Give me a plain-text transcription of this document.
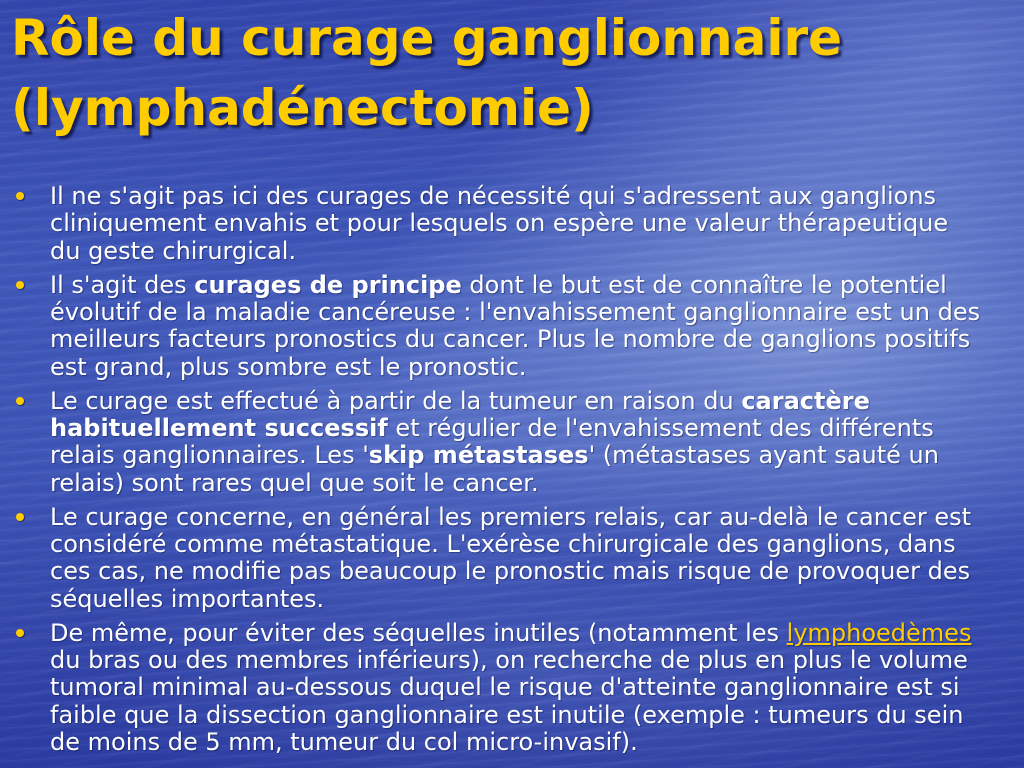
Rôle du curage ganglionnaire
(lymphadénectomie)
Il ne s'agit pas ici des curages de nécessité qui s'adressent aux ganglions
cliniquement envahis et pour lesquels on espère une valeur thérapeutique
du geste chirurgical.
Il s'agit des curages de principe dont le but est de connaître le potentiel
évolutif de la maladie cancéreuse : l'envahissement ganglionnaire est un des
meilleurs facteurs pronostics du cancer. Plus le nombre de ganglions positifs
est grand, plus sombre est le pronostic.
Le curage est effectué à partir de la tumeur en raison du caractère
habituellement successif et régulier de l'envahissement des différents
relais ganglionnaires. Les 'skip métastases' (métastases ayant sauté un
relais) sont rares quel que soit le cancer.
Le curage concerne, en général les premiers relais, car au-delà le cancer est
considéré comme métastatique. L'exérèse chirurgicale des ganglions, dans
ces cas, ne modifie pas beaucoup le pronostic mais risque de provoquer des
séquelles importantes.
De même, pour éviter des séquelles inutiles (notamment les lymphoedèmes
du bras ou des membres inférieurs), on recherche de plus en plus le volume
tumoral minimal au-dessous duquel le risque d'atteinte ganglionnaire est si
faible que la dissection ganglionnaire est inutile (exemple : tumeurs du sein
de moins de 5 mm, tumeur du col micro-invasif).
